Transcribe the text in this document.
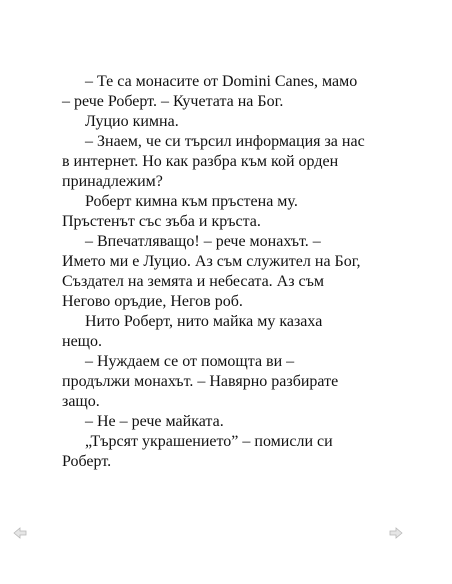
– Те са монасите от Domini Canes, мамо
– рече Роберт. – Кучетата на Бог.
Луцио кимна.
– Знаем, че си търсил информация за нас
в интернет. Но как разбра към кой орден
принадлежим?
Роберт кимна към пръстена му.
Пръстенът със зъба и кръста.
– Впечатляващо! – рече монахът. –
Името ми е Луцио. Аз съм служител на Бог,
Създател на земята и небесата. Аз съм
Негово оръдие, Негов роб.
Нито Роберт, нито майка му казаха
нещо.
– Нуждаем се от помощта ви –
продължи монахът. – Навярно разбирате
защо.
– Не – рече майката.
„Търсят украшението” – помисли си
Роберт.
